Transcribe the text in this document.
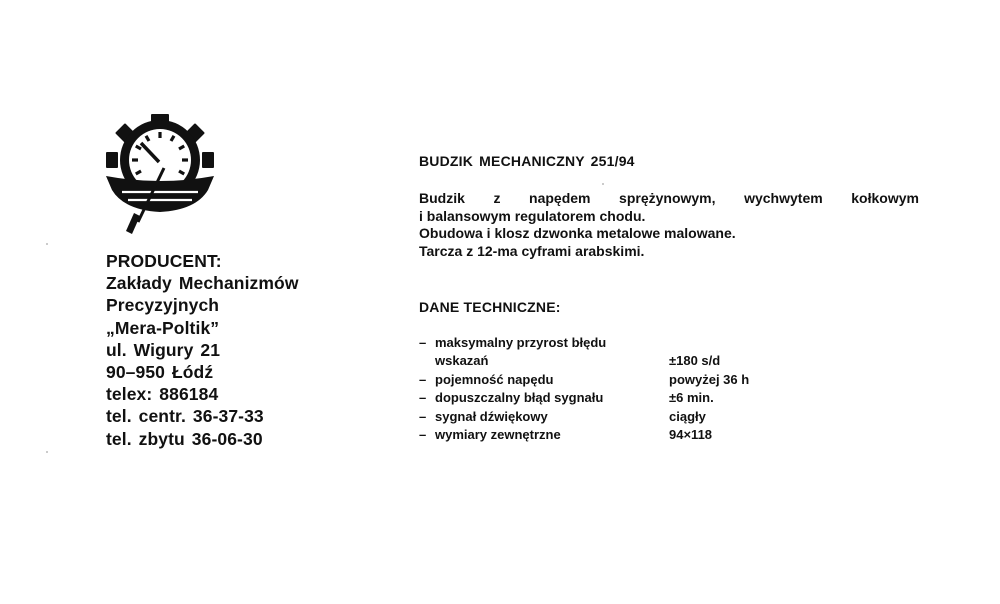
PRODUCENT:
Zakłady Mechanizmów
Precyzyjnych
„Mera-Poltik”
ul. Wigury 21
90–950 Łódź
telex: 886184
tel. centr. 36-37-33
tel. zbytu 36-06-30
BUDZIK MECHANICZNY 251/94
Budzik z napędem sprężynowym, wychwytem kołkowym
i balansowym regulatorem chodu.
Obudowa i klosz dzwonka metalowe malowane.
Tarcza z 12-ma cyframi arabskimi.
DANE TECHNICZNE:
– maksymalny przyrost błędu
wskazań	±180 s/d
– pojemność napędu	powyżej 36 h
– dopuszczalny błąd sygnału	±6 min.
– sygnał dźwiękowy	ciągły
– wymiary zewnętrzne	94×118
